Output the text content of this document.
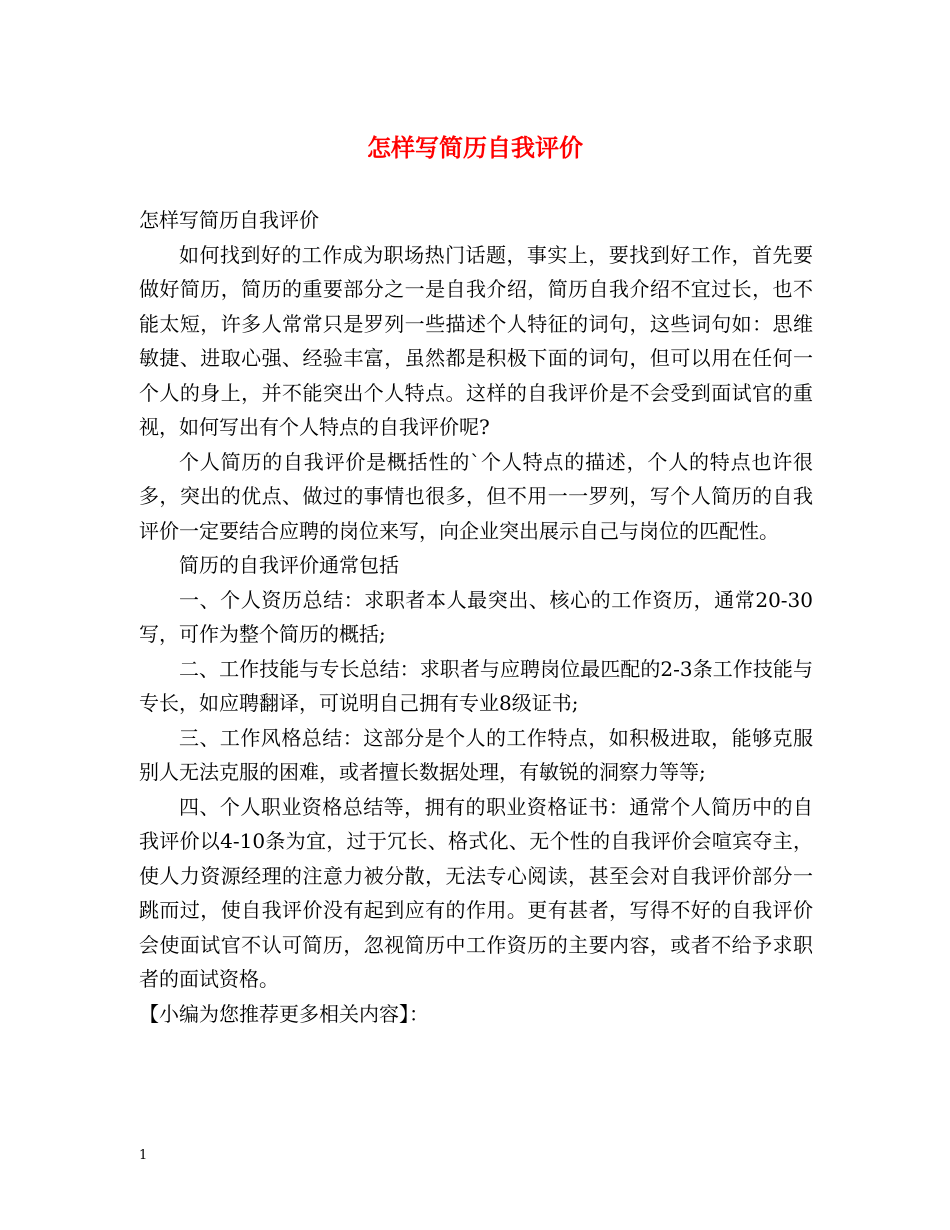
怎样写简历自我评价

怎样写简历自我评价

如何找到好的工作成为职场热门话题，事实上，要找到好工作，首先要做好简历，简历的重要部分之一是自我介绍，简历自我介绍不宜过长，也不能太短，许多人常常只是罗列一些描述个人特征的词句，这些词句如：思维敏捷、进取心强、经验丰富，虽然都是积极下面的词句，但可以用在任何一个人的身上，并不能突出个人特点。这样的自我评价是不会受到面试官的重视，如何写出有个人特点的自我评价呢?

个人简历的自我评价是概括性的`个人特点的描述，个人的特点也许很多，突出的优点、做过的事情也很多，但不用一一罗列，写个人简历的自我评价一定要结合应聘的岗位来写，向企业突出展示自己与岗位的匹配性。

简历的自我评价通常包括

一、个人资历总结：求职者本人最突出、核心的工作资历，通常20-30写，可作为整个简历的概括;

二、工作技能与专长总结：求职者与应聘岗位最匹配的2-3条工作技能与专长，如应聘翻译，可说明自己拥有专业8级证书;

三、工作风格总结：这部分是个人的工作特点，如积极进取，能够克服别人无法克服的困难，或者擅长数据处理，有敏锐的洞察力等等;

四、个人职业资格总结等，拥有的职业资格证书：通常个人简历中的自我评价以4-10条为宜，过于冗长、格式化、无个性的自我评价会喧宾夺主，使人力资源经理的注意力被分散，无法专心阅读，甚至会对自我评价部分一跳而过，使自我评价没有起到应有的作用。更有甚者，写得不好的自我评价会使面试官不认可简历，忽视简历中工作资历的主要内容，或者不给予求职者的面试资格。

【小编为您推荐更多相关内容】：

1
